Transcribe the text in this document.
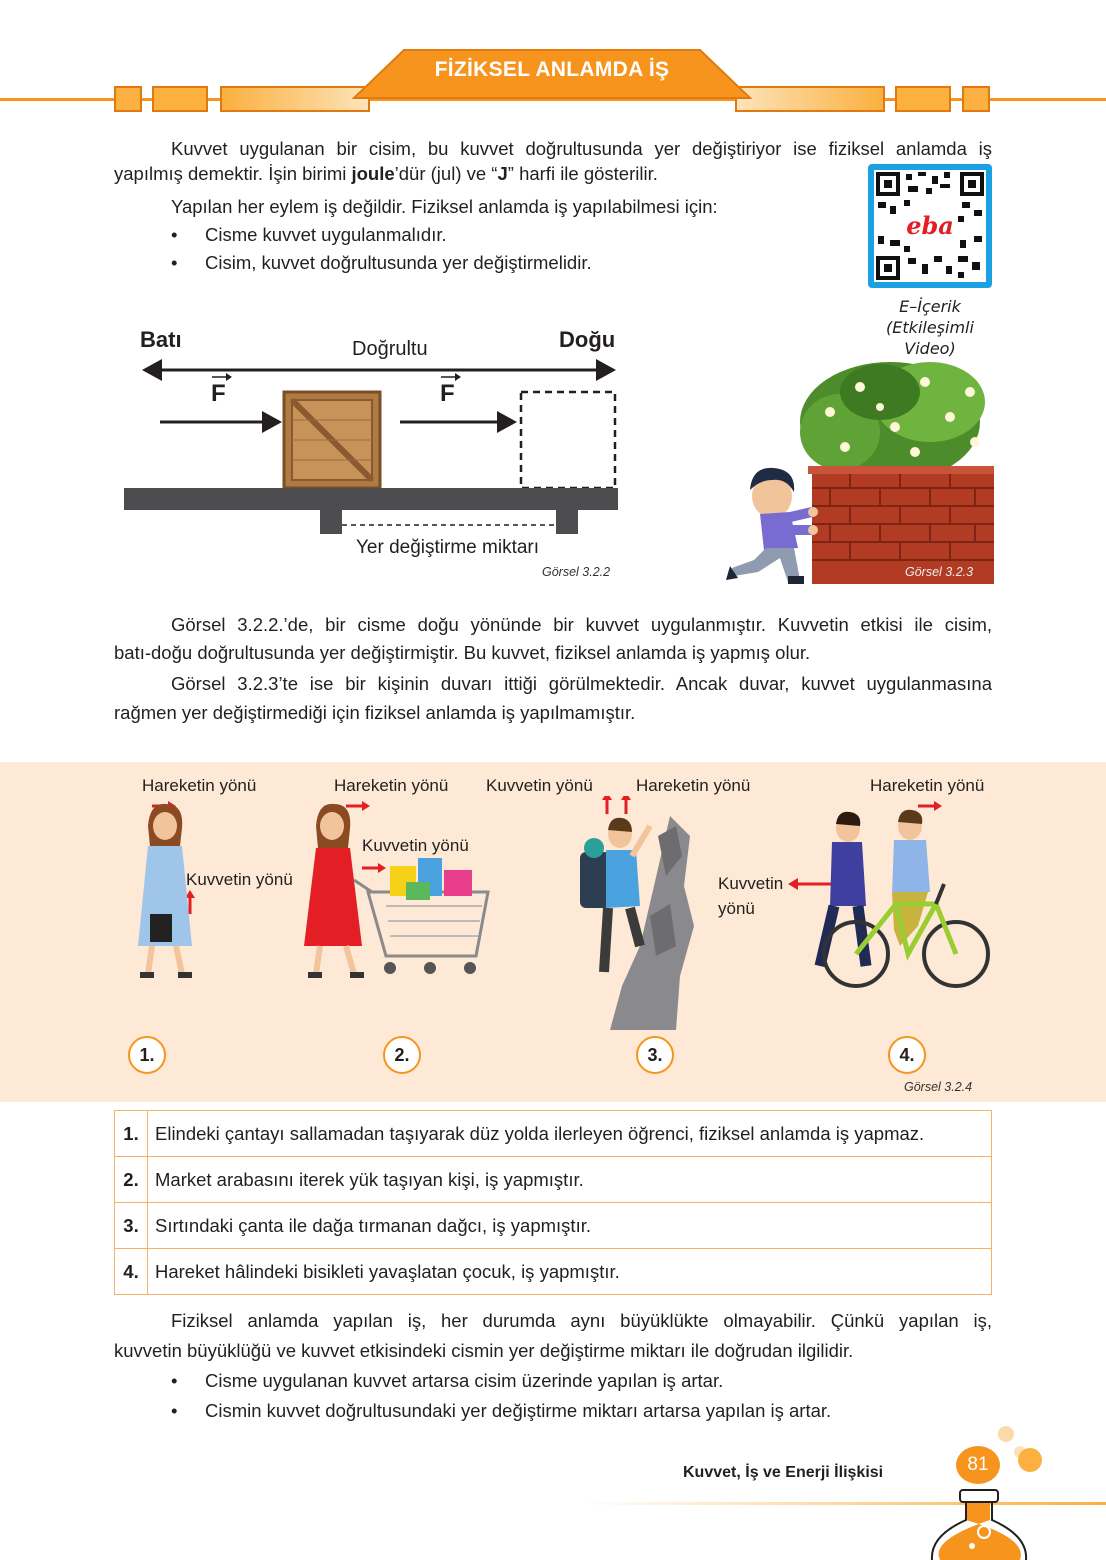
FİZİKSEL ANLAMDA İŞ
Kuvvet uygulanan bir cisim, bu kuvvet doğrultusunda yer değiştiriyor ise fiziksel anlamda iş
yapılmış demektir. İşin birimi joule’dür (jul) ve “J” harfi ile gösterilir.
Yapılan her eylem iş değildir. Fiziksel anlamda iş yapılabilmesi için:
• Cisme kuvvet uygulanmalıdır.
• Cisim, kuvvet doğrultusunda yer değiştirmelidir.
eba
E–İçerik
(Etkileşimli
Video)
Batı	Doğu
Doğrultu
F	F
Yer değiştirme miktarı
Görsel 3.2.2	Görsel 3.2.3
Görsel 3.2.2.’de, bir cisme doğu yönünde bir kuvvet uygulanmıştır. Kuvvetin etkisi ile cisim,
batı-doğu doğrultusunda yer değiştirmiştir. Bu kuvvet, fiziksel anlamda iş yapmış olur.
Görsel 3.2.3’te ise bir kişinin duvarı ittiği görülmektedir. Ancak duvar, kuvvet uygulanmasına
rağmen yer değiştirmediği için fiziksel anlamda iş yapılmamıştır.
Hareketin yönü
Kuvvetin yönü
Hareketin yönü
Kuvvetin yönü
Kuvvetin yönü	Hareketin yönü	Hareketin yönü
Kuvvetin
yönü
1.	2.	3.	4.
Görsel 3.2.4
1.	Elindeki çantayı sallamadan taşıyarak düz yolda ilerleyen öğrenci, fiziksel anlamda iş yapmaz.
2.	Market arabasını iterek yük taşıyan kişi, iş yapmıştır.
3.	Sırtındaki çanta ile dağa tırmanan dağcı, iş yapmıştır.
4.	Hareket hâlindeki bisikleti yavaşlatan çocuk, iş yapmıştır.
Fiziksel anlamda yapılan iş, her durumda aynı büyüklükte olmayabilir. Çünkü yapılan iş,
kuvvetin büyüklüğü ve kuvvet etkisindeki cismin yer değiştirme miktarı ile doğrudan ilgilidir.
• Cisme uygulanan kuvvet artarsa cisim üzerinde yapılan iş artar.
• Cismin kuvvet doğrultusundaki yer değiştirme miktarı artarsa yapılan iş artar.
Kuvvet, İş ve Enerji İlişkisi	81
